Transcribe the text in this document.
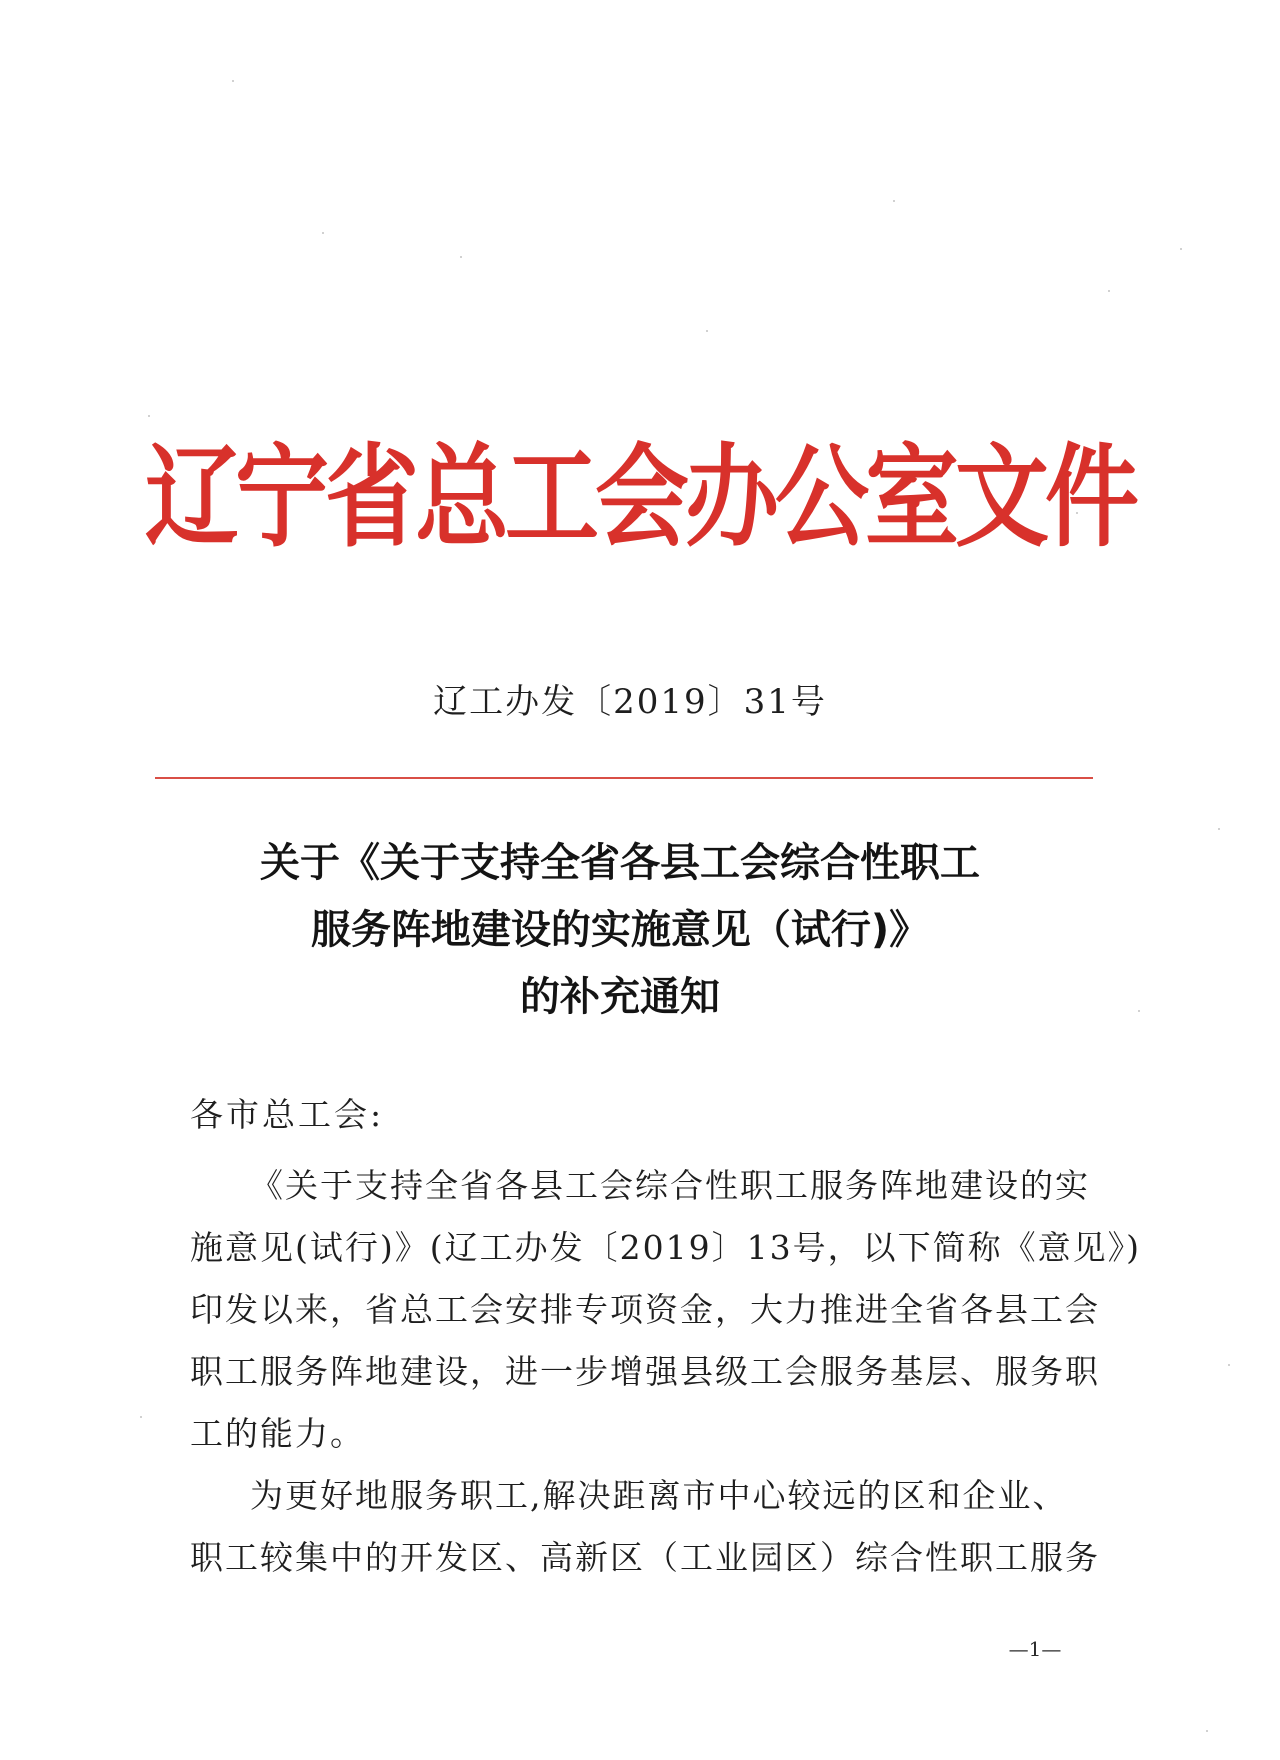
辽宁省总工会办公室文件
辽工办发〔2019〕31号
关于《关于支持全省各县工会综合性职工
服务阵地建设的实施意见（试行)》
的补充通知
各市总工会:
《关于支持全省各县工会综合性职工服务阵地建设的实
施意见(试行)》(辽工办发〔2019〕13号，以下简称《意见》)
印发以来，省总工会安排专项资金，大力推进全省各县工会
职工服务阵地建设，进一步增强县级工会服务基层、服务职
工的能力。
为更好地服务职工,解决距离市中心较远的区和企业、
职工较集中的开发区、高新区（工业园区）综合性职工服务
—1—
